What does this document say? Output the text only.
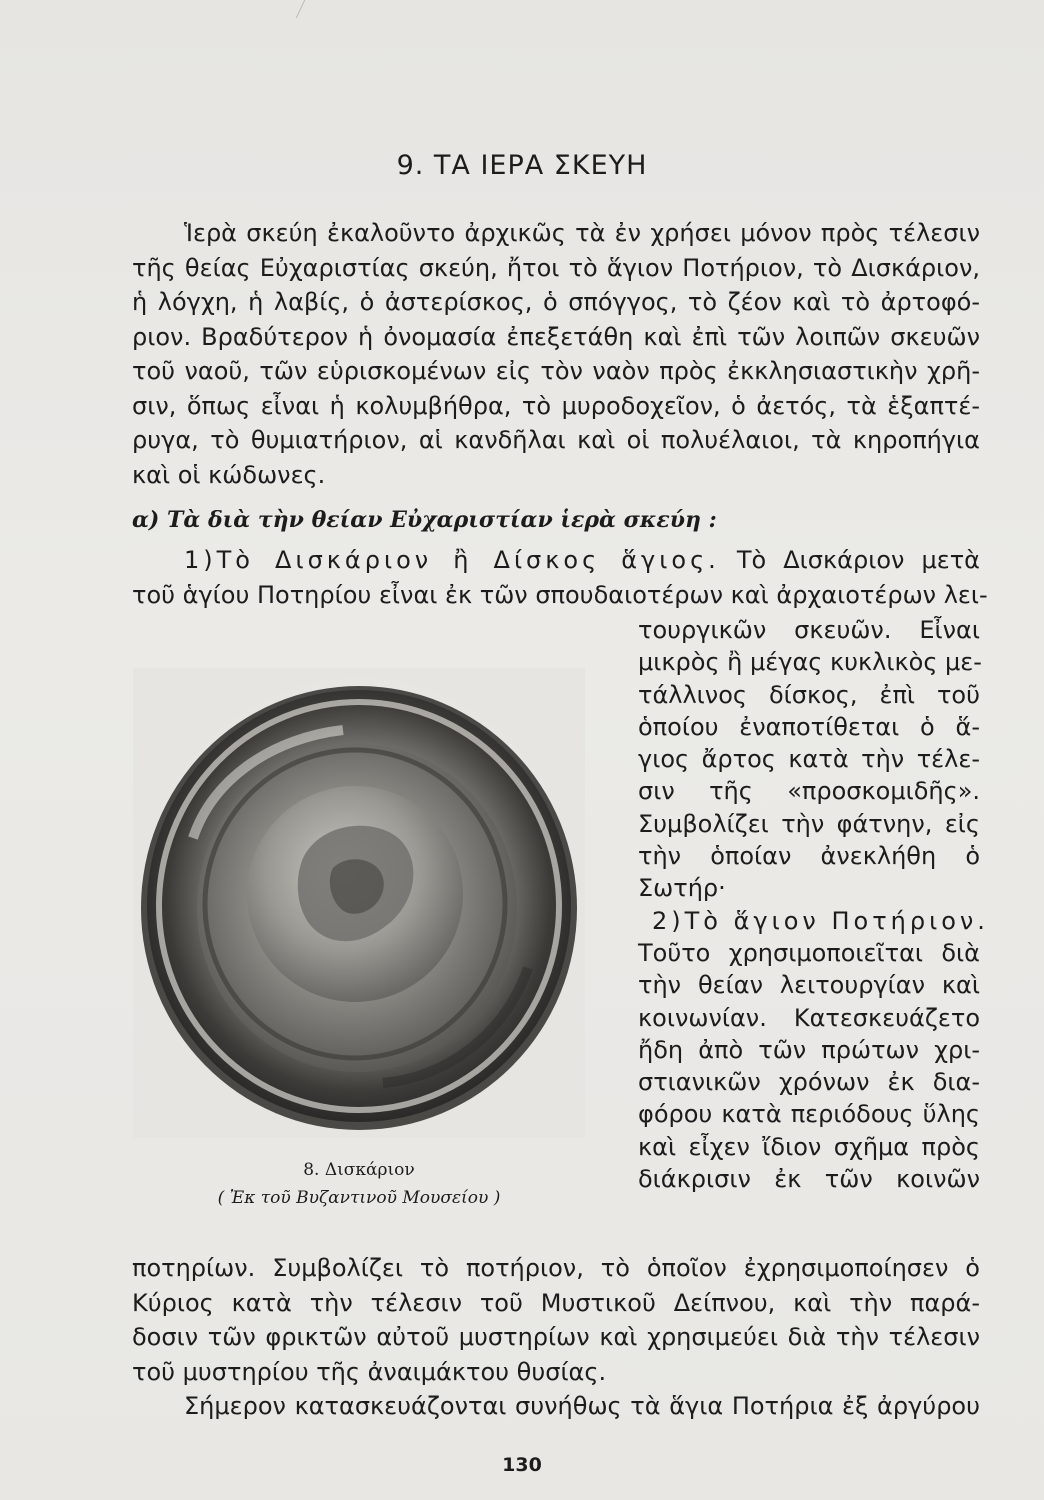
9. ΤΑ ΙΕΡΑ ΣΚΕΥΗ
Ἱερὰ σκεύη ἐκαλοῦντο ἀρχικῶς τὰ ἐν χρήσει μόνον πρὸς τέλεσιν
τῆς θείας Εὐχαριστίας σκεύη, ἤτοι τὸ ἅγιον Ποτήριον, τὸ Δισκάριον,
ἡ λόγχη, ἡ λαβίς, ὁ ἀστερίσκος, ὁ σπόγγος, τὸ ζέον καὶ τὸ ἀρτοφό-
ριον. Βραδύτερον ἡ ὀνομασία ἐπεξετάθη καὶ ἐπὶ τῶν λοιπῶν σκευῶν
τοῦ ναοῦ, τῶν εὑρισκομένων εἰς τὸν ναὸν πρὸς ἐκκλησιαστικὴν χρῆ-
σιν, ὅπως εἶναι ἡ κολυμβήθρα, τὸ μυροδοχεῖον, ὁ ἀετός, τὰ ἑξαπτέ-
ρυγα, τὸ θυμιατήριον, αἱ κανδῆλαι καὶ οἱ πολυέλαιοι, τὰ κηροπήγια
καὶ οἱ κώδωνες.
α) Τὰ διὰ τὴν θείαν Εὐχαριστίαν ἱερὰ σκεύη :
1)Τὸ Δισκάριον ἢ Δίσκος ἅγιος. Τὸ Δισκάριον μετὰ
τοῦ ἁγίου Ποτηρίου εἶναι ἐκ τῶν σπουδαιοτέρων καὶ ἀρχαιοτέρων λει-
τουργικῶν σκευῶν. Εἶναι
μικρὸς ἢ μέγας κυκλικὸς με-
τάλλινος δίσκος, ἐπὶ τοῦ
ὁποίου ἐναποτίθεται ὁ ἅ-
γιος ἄρτος κατὰ τὴν τέλε-
σιν τῆς «προσκομιδῆς».
Συμβολίζει τὴν φάτνην, εἰς
τὴν ὁποίαν ἀνεκλήθη ὁ
Σωτήρ·
2)Τὸ ἅγιον Ποτήριον.
Τοῦτο χρησιμοποιεῖται διὰ
τὴν θείαν λειτουργίαν καὶ
κοινωνίαν. Κατεσκευάζετο
ἤδη ἀπὸ τῶν πρώτων χρι-
στιανικῶν χρόνων ἐκ δια-
φόρου κατὰ περιόδους ὕλης
καὶ εἶχεν ἴδιον σχῆμα πρὸς
διάκρισιν ἐκ τῶν κοινῶν
8. Δισκάριον
( Ἐκ τοῦ Βυζαντινοῦ Μουσείου )
ποτηρίων. Συμβολίζει τὸ ποτήριον, τὸ ὁποῖον ἐχρησιμοποίησεν ὁ
Κύριος κατὰ τὴν τέλεσιν τοῦ Μυστικοῦ Δείπνου, καὶ τὴν παρά-
δοσιν τῶν φρικτῶν αὐτοῦ μυστηρίων καὶ χρησιμεύει διὰ τὴν τέλεσιν
τοῦ μυστηρίου τῆς ἀναιμάκτου θυσίας.
Σήμερον κατασκευάζονται συνήθως τὰ ἅγια Ποτήρια ἐξ ἀργύρου
130
